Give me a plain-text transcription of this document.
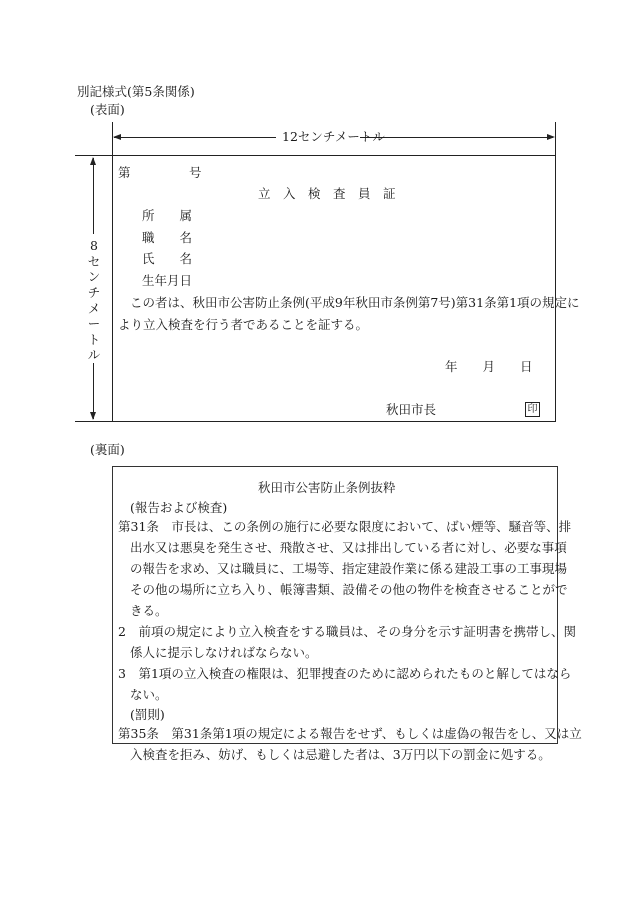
別記様式(第5条関係)
(表面)
12センチメートル
8
セ
ン
チ
メ
ー
ト
ル
第	号
立　入　検　査　員　証
所　　属
職　　名
氏　　名
生年月日
この者は、秋田市公害防止条例(平成9年秋田市条例第7号)第31条第1項の規定に
より立入検査を行う者であることを証する。
年　　月　　日
秋田市長	印
(裏面)
秋田市公害防止条例抜粋
(報告および検査)
第31条　市長は、この条例の施行に必要な限度において、ばい煙等、騒音等、排
出水又は悪臭を発生させ、飛散させ、又は排出している者に対し、必要な事項
の報告を求め、又は職員に、工場等、指定建設作業に係る建設工事の工事現場
その他の場所に立ち入り、帳簿書類、設備その他の物件を検査させることがで
きる。
2　前項の規定により立入検査をする職員は、その身分を示す証明書を携帯し、関
係人に提示しなければならない。
3　第1項の立入検査の権限は、犯罪捜査のために認められたものと解してはなら
ない。
(罰則)
第35条　第31条第1項の規定による報告をせず、もしくは虚偽の報告をし、又は立
入検査を拒み、妨げ、もしくは忌避した者は、3万円以下の罰金に処する。
